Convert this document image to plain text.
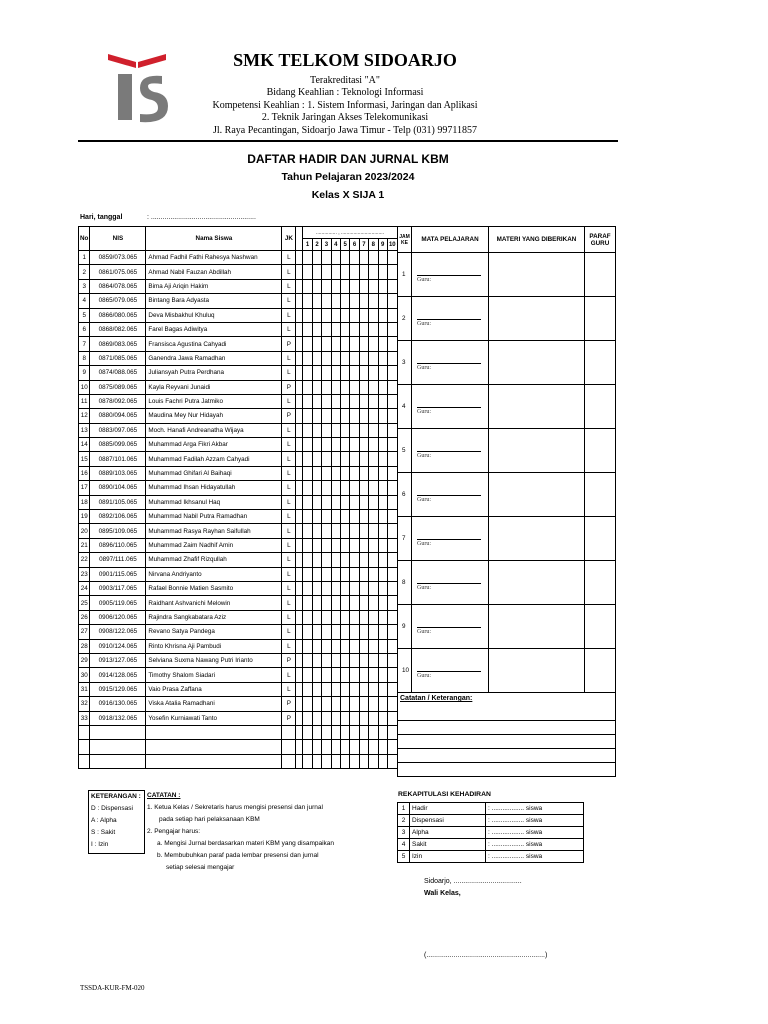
SMK TELKOM SIDOARJO
Terakreditasi "A"
Bidang Keahlian : Teknologi Informasi
Kompetensi Keahlian : 1. Sistem Informasi, Jaringan dan Aplikasi
2. Teknik Jaringan Akses Telekomunikasi
Jl. Raya Pecantingan, Sidoarjo Jawa Timur - Telp (031) 99711857
DAFTAR HADIR DAN JURNAL KBM
Tahun Pelajaran 2023/2024
Kelas X SIJA 1
Hari, tanggal	: ......................................................
No	NIS	Nama Siswa	JK		............... , ...............................									
					1	2	3	4	5	6	7	8	9	10
1	0859/073.065	Ahmad Fadhil Fathi Rahesya Nashwan	L											
2	0861/075.065	Ahmad Nabil Fauzan Abdillah	L											
3	0864/078.065	Bima Aji Ariqin Hakim	L											
4	0865/079.065	Bintang Bara Adyasta	L											
5	0866/080.065	Deva Misbakhul Khuluq	L											
6	0868/082.065	Farel Bagas Adiwitya	L											
7	0869/083.065	Fransisca Agustina Cahyadi	P											
8	0871/085.065	Ganendra Jawa Ramadhan	L											
9	0874/088.065	Juliansyah Putra Perdhana	L											
10	0875/089.065	Kayla Reyvani Junaidi	P											
11	0878/092.065	Louis Fachri Putra Jatmiko	L											
12	0880/094.065	Maudina Mey Nur Hidayah	P											
13	0883/097.065	Moch. Hanafi Andreanatha Wijaya	L											
14	0885/099.065	Muhammad Arga Fikri Akbar	L											
15	0887/101.065	Muhammad Fadilah Azzam Cahyadi	L											
16	0889/103.065	Muhammad Ghifari Al Baihaqi	L											
17	0890/104.065	Muhammad Ihsan Hidayatullah	L											
18	0891/105.065	Muhammad Ikhsanul Haq	L											
19	0892/106.065	Muhammad Nabil Putra Ramadhan	L											
20	0895/109.065	Muhammad Rasya Rayhan Saifullah	L											
21	0896/110.065	Muhammad Zaim Nadhif Amin	L											
22	0897/111.065	Muhammad Zhafif Rizqullah	L											
23	0901/115.065	Nirvana Andriyanto	L											
24	0903/117.065	Rafael Bonnie Matien Sasmito	L											
25	0905/119.065	Raidhant Ashvanichi Melowin	L											
26	0906/120.065	Rajindra Sangkabatara Aziz	L											
27	0908/122.065	Revano Satya Pandega	L											
28	0910/124.065	Rinto Khrisna Aji Pambudi	L											
29	0913/127.065	Selviana Suxma Nawang Putri Irianto	P											
30	0914/128.065	Timothy Shalom Siadari	L											
31	0915/129.065	Vaio Prasa Zaffana	L											
32	0916/130.065	Viska Atalia Ramadhani	P											
33	0918/132.065	Yosefin Kurniawati Tanto	P											

JAM KE	MATA PELAJARAN	MATERI YANG DIBERIKAN	PARAF GURU
1	Guru:		

2	Guru:		

3	Guru:		

4	Guru:		

5	Guru:		

6	Guru:		

7	Guru:		

8	Guru:		

9	Guru:		

10	Guru:		

Catatan / Keterangan:			

KETERANGAN :
D : Dispensasi
A : Alpha
S : Sakit
I : Izin
CATATAN :
1. Ketua Kelas / Sekretaris harus mengisi presensi dan jurnal
pada setiap hari pelaksanaan KBM
2. Pengajar harus:
a. Mengisi Jurnal berdasarkan materi KBM yang disampaikan
b. Membubuhkan paraf pada lembar presensi dan jurnal
setiap selesai mengajar
REKAPITULASI KEHADIRAN
1	Hadir	: .................. siswa
2	Dispensasi	: .................. siswa
3	Alpha	: .................. siswa
4	Sakit	: .................. siswa
5	Izin	: .................. siswa
Sidoarjo, ...................................
Wali Kelas,
(.............................................................)
TSSDA-KUR-FM-020
